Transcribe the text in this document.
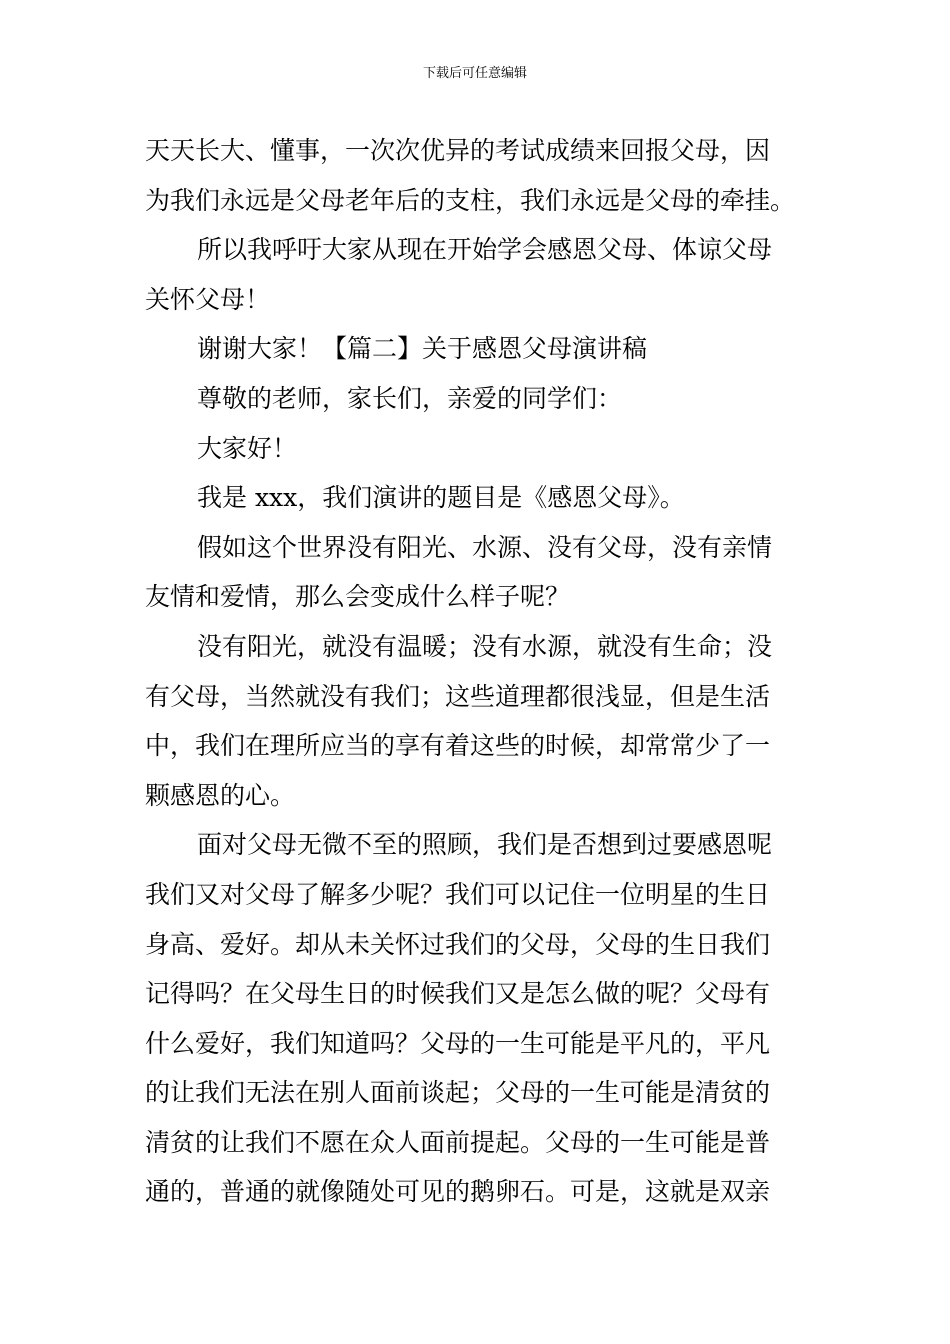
下载后可任意编辑
天天长大、懂事，一次次优异的考试成绩来回报父母，因
为我们永远是父母老年后的支柱，我们永远是父母的牵挂。
所以我呼吁大家从现在开始学会感恩父母、体谅父母
关怀父母！
谢谢大家！【篇二】关于感恩父母演讲稿
尊敬的老师，家长们，亲爱的同学们：
大家好！
我是 xxx，我们演讲的题目是《感恩父母》。
假如这个世界没有阳光、水源、没有父母，没有亲情
友情和爱情，那么会变成什么样子呢？
没有阳光，就没有温暖；没有水源，就没有生命；没
有父母，当然就没有我们；这些道理都很浅显，但是生活
中，我们在理所应当的享有着这些的时候，却常常少了一
颗感恩的心。
面对父母无微不至的照顾，我们是否想到过要感恩呢
我们又对父母了解多少呢？我们可以记住一位明星的生日
身高、爱好。却从未关怀过我们的父母，父母的生日我们
记得吗？在父母生日的时候我们又是怎么做的呢？父母有
什么爱好，我们知道吗？父母的一生可能是平凡的，平凡
的让我们无法在别人面前谈起；父母的一生可能是清贫的
清贫的让我们不愿在众人面前提起。父母的一生可能是普
通的，普通的就像随处可见的鹅卵石。可是，这就是双亲
